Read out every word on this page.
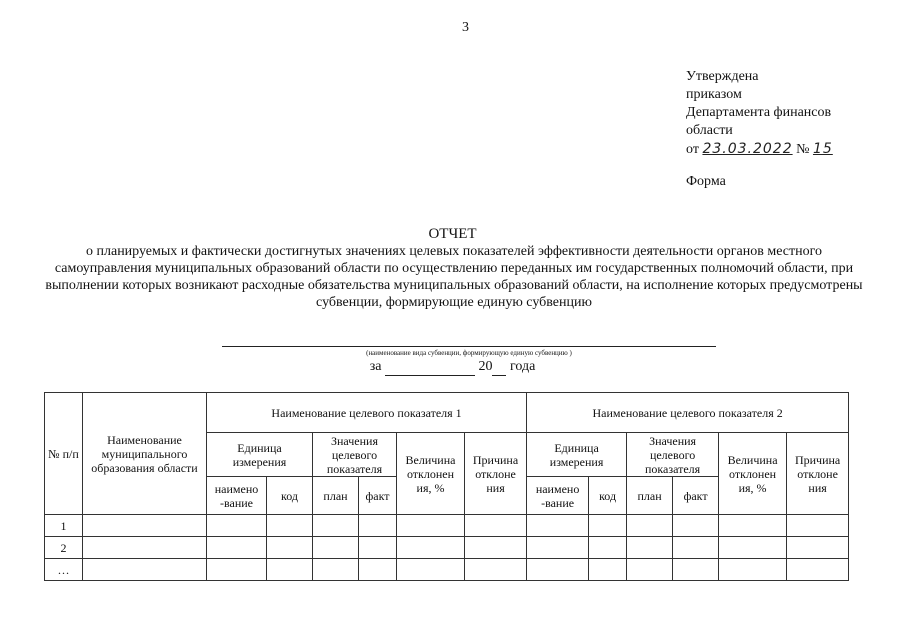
3
Утверждена
приказом
Департамента финансов
области
от 23.03.2022 № 15
Форма
ОТЧЕТ
о планируемых и фактически достигнутых значениях целевых показателей эффективности деятельности органов местного самоуправления муниципальных образований области по осуществлению переданных им государственных полномочий области, при выполнении которых возникают расходные обязательства муниципальных образований области, на исполнение которых предусмотрены субвенции, формирующие единую субвенцию
(наименование вида субвенции, формирующую единую субвенцию )
за	20 года
№ п/п	Наименование муниципального образования области	Наименование целевого показателя 1						Наименование целевого показателя 2					
		Единица измерения		Значения целевого показателя		Величина отклонен ия, %	Причина отклоне ния	Единица измерения		Значения целевого показателя		Величина отклонен ия, %	Причина отклоне ния
		наимено -вание	код	план	факт			наимено -вание	код	план	факт		
1													
2													
…													
